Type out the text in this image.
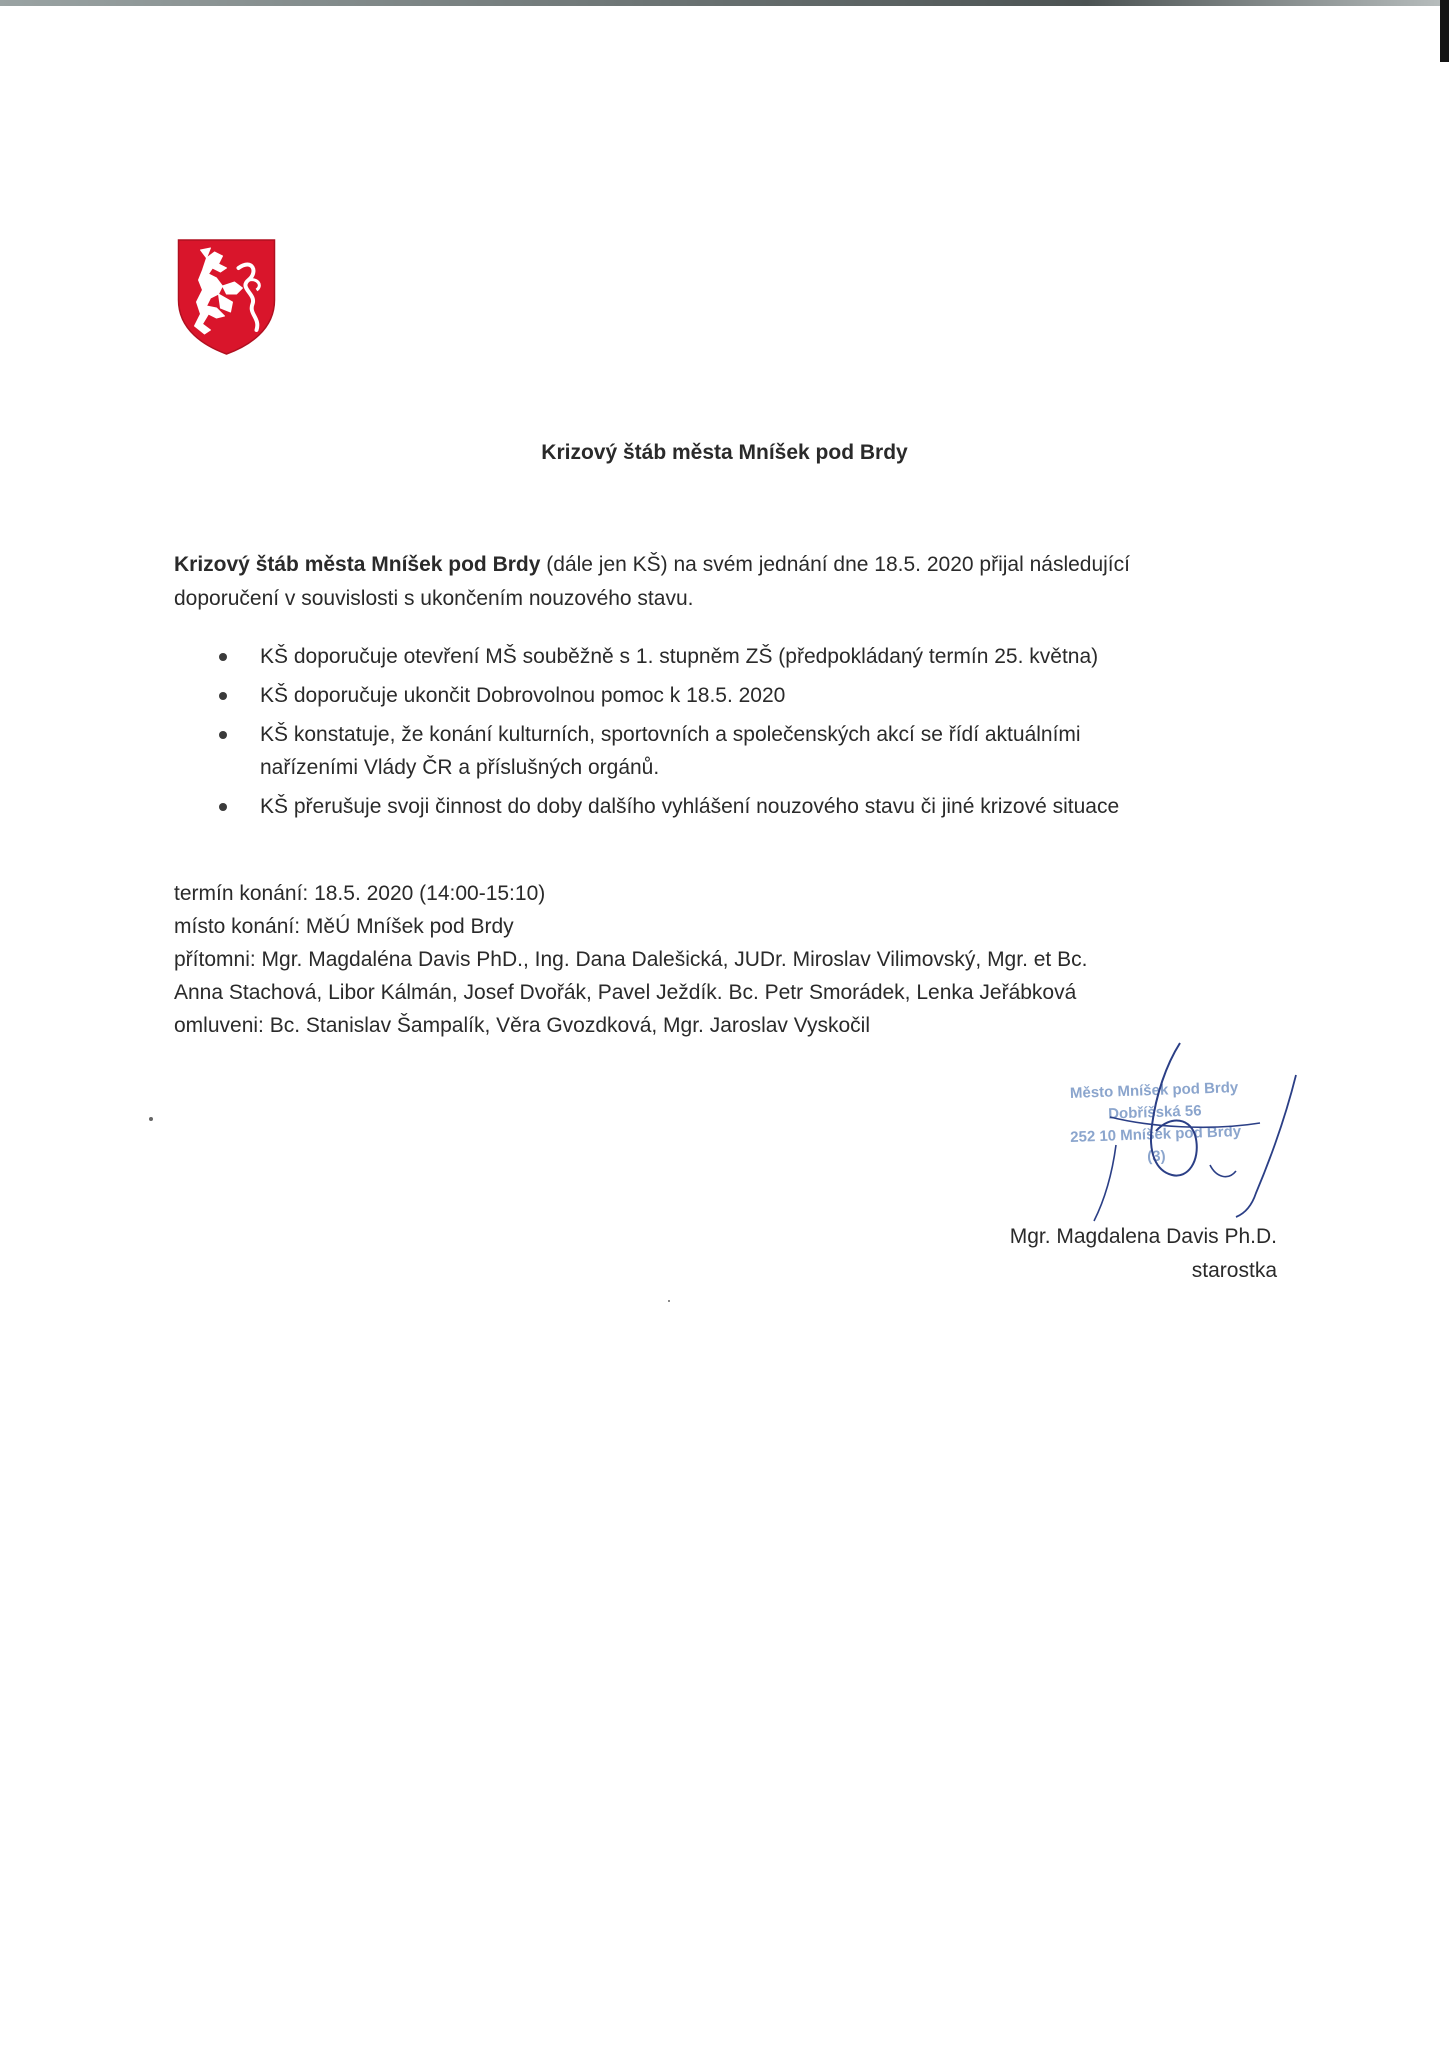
Krizový štáb města Mníšek pod Brdy
Krizový štáb města Mníšek pod Brdy (dále jen KŠ) na svém jednání dne 18.5. 2020 přijal následující
doporučení v souvislosti s ukončením nouzového stavu.
KŠ doporučuje otevření MŠ souběžně s 1. stupněm ZŠ (předpokládaný termín 25. května)
KŠ doporučuje ukončit Dobrovolnou pomoc k 18.5. 2020
KŠ konstatuje, že konání kulturních, sportovních a společenských akcí se řídí aktuálními
nařízeními Vlády ČR a příslušných orgánů.
KŠ přerušuje svoji činnost do doby dalšího vyhlášení nouzového stavu či jiné krizové situace
termín konání: 18.5. 2020 (14:00-15:10)
místo konání: MěÚ Mníšek pod Brdy
přítomni: Mgr. Magdaléna Davis PhD., Ing. Dana Dalešická, JUDr. Miroslav Vilimovský, Mgr. et Bc.
Anna Stachová, Libor Kálmán, Josef Dvořák, Pavel Ježdík. Bc. Petr Smorádek, Lenka Jeřábková
omluveni: Bc. Stanislav Šampalík, Věra Gvozdková, Mgr. Jaroslav Vyskočil
Město Mníšek pod Brdy
Dobříšská 56
252 10 Mníšek pod Brdy
(3)
Mgr. Magdalena Davis Ph.D.
starostka
